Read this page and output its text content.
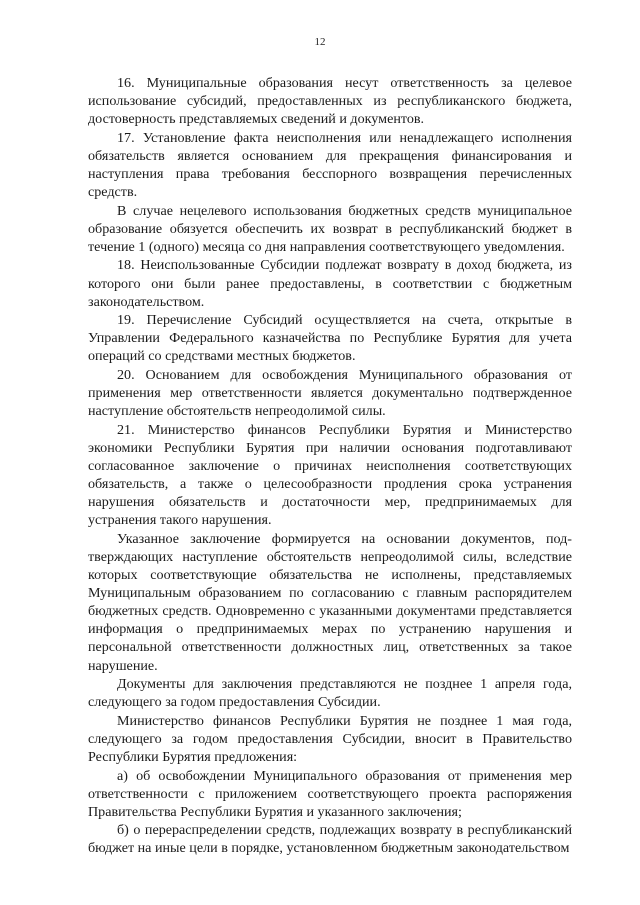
12

16. Муниципальные образования несут ответственность за целевое использование субсидий, предоставленных из республиканского бюджета, достоверность представляемых сведений и документов.

17. Установление факта неисполнения или ненадлежащего исполнения обязательств является основанием для прекращения финансирования и наступления права требования бесспорного возвращения перечисленных средств.

В случае нецелевого использования бюджетных средств муниципальное образование обязуется обеспечить их возврат в республиканский бюджет в течение 1 (одного) месяца со дня направления соответствующего уведомления.

18. Неиспользованные Субсидии подлежат возврату в доход бюджета, из которого они были ранее предоставлены, в соответствии с бюджетным законодательством.

19. Перечисление Субсидий осуществляется на счета, открытые в Управлении Федерального казначейства по Республике Бурятия для учета операций со средствами местных бюджетов.

20. Основанием для освобождения Муниципального образования от применения мер ответственности является документально подтвержденное наступление обстоятельств непреодолимой силы.

21. Министерство финансов Республики Бурятия и Министерство экономики Республики Бурятия при наличии основания подготавливают согласованное заключение о причинах неисполнения соответствующих обязательств, а также о целесообразности продления срока устранения нарушения обязательств и достаточности мер, предпринимаемых для устранения такого нарушения.

Указанное заключение формируется на основании документов, подтверждающих наступление обстоятельств непреодолимой силы, вследствие которых соответствующие обязательства не исполнены, представляемых Муниципальным образованием по согласованию с главным распорядителем бюджетных средств. Одновременно с указанными документами представляется информация о предпринимаемых мерах по устранению нарушения и персональной ответственности должностных лиц, ответственных за такое нарушение.

Документы для заключения представляются не позднее 1 апреля года, следующего за годом предоставления Субсидии.

Министерство финансов Республики Бурятия не позднее 1 мая года, следующего за годом предоставления Субсидии, вносит в Правительство Республики Бурятия предложения:

а) об освобождении Муниципального образования от применения мер ответственности с приложением соответствующего проекта распоряжения Правительства Республики Бурятия и указанного заключения;

б) о перераспределении средств, подлежащих возврату в республиканский бюджет на иные цели в порядке, установленном бюджетным законодательством
